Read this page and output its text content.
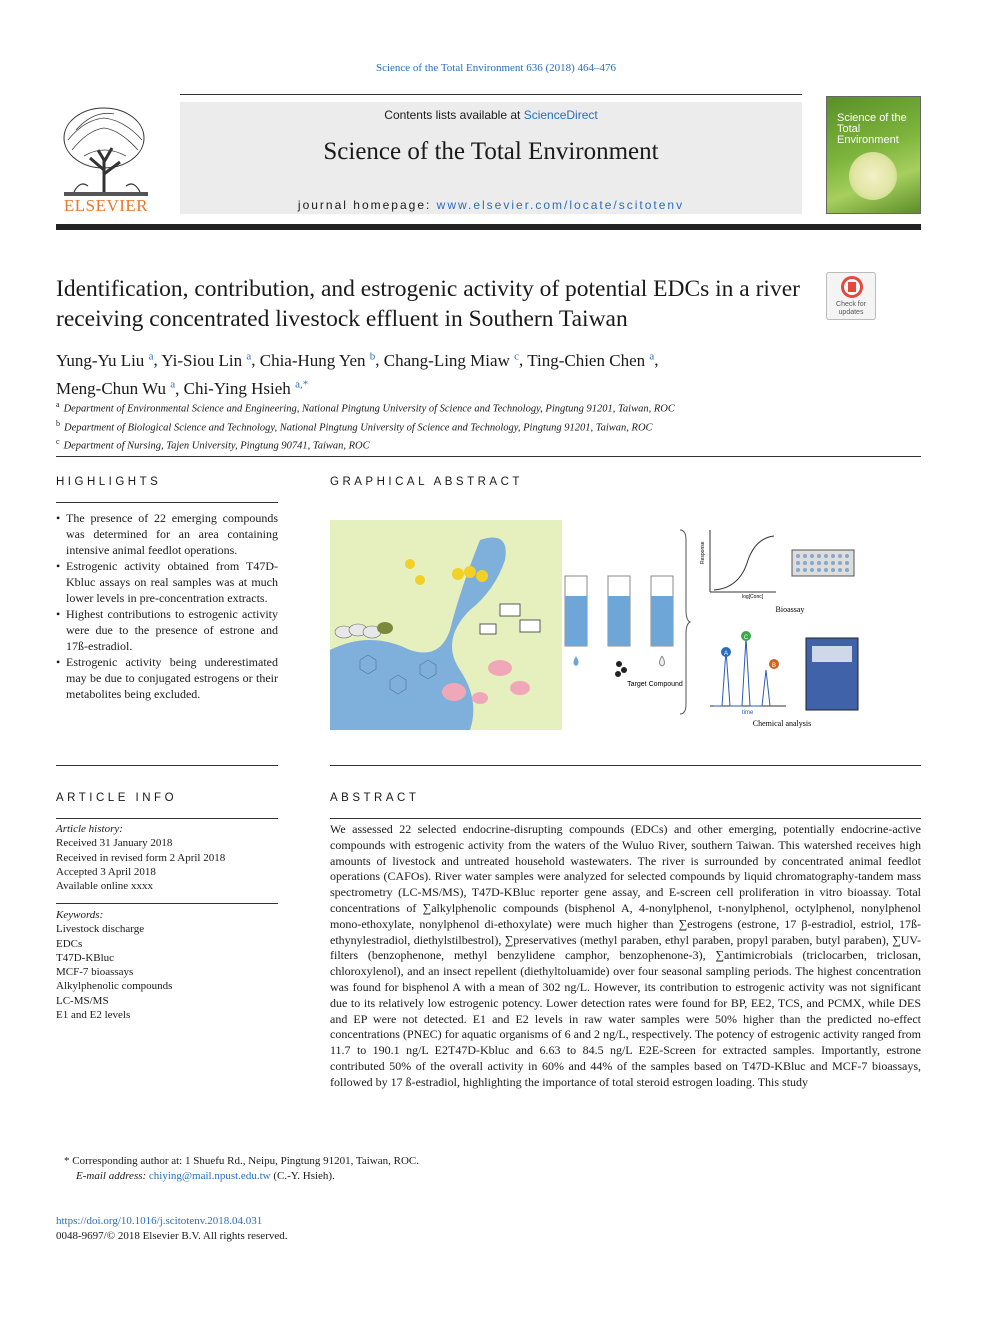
Science of the Total Environment 636 (2018) 464–476
ELSEVIER
Contents lists available at ScienceDirect
Science of the Total Environment
journal homepage: www.elsevier.com/locate/scitotenv
Science of the Total Environment
Identification, contribution, and estrogenic activity of potential EDCs in a river receiving concentrated livestock effluent in Southern Taiwan
Check for updates
Yung-Yu Liu $^a$, Yi-Siou Lin $^a$, Chia-Hung Yen $^b$, Chang-Ling Miaw $^c$, Ting-Chien Chen $^a$,
Meng-Chun Wu $^a$, Chi-Ying Hsieh $^{a,*}$
$^a$ Department of Environmental Science and Engineering, National Pingtung University of Science and Technology, Pingtung 91201, Taiwan, ROC
$^b$ Department of Biological Science and Technology, National Pingtung University of Science and Technology, Pingtung 91201, Taiwan, ROC
$^c$ Department of Nursing, Tajen University, Pingtung 90741, Taiwan, ROC
HIGHLIGHTS
• The presence of 22 emerging compounds was determined for an area containing intensive animal feedlot operations.
• Estrogenic activity obtained from T47D-Kbluc assays on real samples was at much lower levels in pre-concentration extracts.
• Highest contributions to estrogenic activity were due to the presence of estrone and 17ß-estradiol.
• Estrogenic activity being underestimated may be due to conjugated estrogens or their metabolites being excluded.
GRAPHICAL ABSTRACT
Target Compound
Response
log[Conc]
Bioassay
A
C
B
time
Chemical analysis
ARTICLE INFO
Article history:
Received 31 January 2018
Received in revised form 2 April 2018
Accepted 3 April 2018
Available online xxxx
Keywords:
Livestock discharge
EDCs
T47D-KBluc
MCF-7 bioassays
Alkylphenolic compounds
LC-MS/MS
E1 and E2 levels
ABSTRACT

We assessed 22 selected endocrine-disrupting compounds (EDCs) and other emerging, potentially endocrine-active compounds with estrogenic activity from the waters of the Wuluo River, southern Taiwan. This watershed receives high amounts of livestock and untreated household wastewaters. The river is surrounded by concentrated animal feedlot operations (CAFOs). River water samples were analyzed for selected compounds by liquid chromatography-tandem mass spectrometry (LC-MS/MS), T47D-KBluc reporter gene assay, and E-screen cell proliferation in vitro bioassay. Total concentrations of ∑alkylphenolic compounds (bisphenol A, 4-nonylphenol, t-nonylphenol, octylphenol, nonylphenol mono-ethoxylate, nonylphenol di-ethoxylate) were much higher than ∑estrogens (estrone, 17 β-estradiol, estriol, 17ß-ethynylestradiol, diethylstilbestrol), ∑preservatives (methyl paraben, ethyl paraben, propyl paraben, butyl paraben), ∑UV-filters (benzophenone, methyl benzylidene camphor, benzophenone-3), ∑antimicrobials (triclocarben, triclosan, chloroxylenol), and an insect repellent (diethyltoluamide) over four seasonal sampling periods. The highest concentration was found for bisphenol A with a mean of 302 ng/L. However, its contribution to estrogenic activity was not significant due to its relatively low estrogenic potency. Lower detection rates were found for BP, EE2, TCS, and PCMX, while DES and EP were not detected. E1 and E2 levels in raw water samples were 50% higher than the predicted no-effect concentrations (PNEC) for aquatic organisms of 6 and 2 ng/L, respectively. The potency of estrogenic activity ranged from 11.7 to 190.1 ng/L E2T47D-Kbluc and 6.63 to 84.5 ng/L E2E-Screen for extracted samples. Importantly, estrone contributed 50% of the overall activity in 60% and 44% of the samples based on T47D-KBluc and MCF-7 bioassays, followed by 17 ß-estradiol, highlighting the importance of total steroid estrogen loading. This study

* Corresponding author at: 1 Shuefu Rd., Neipu, Pingtung 91201, Taiwan, ROC.
E-mail address: chiying@mail.npust.edu.tw (C.-Y. Hsieh).
https://doi.org/10.1016/j.scitotenv.2018.04.031
0048-9697/© 2018 Elsevier B.V. All rights reserved.
